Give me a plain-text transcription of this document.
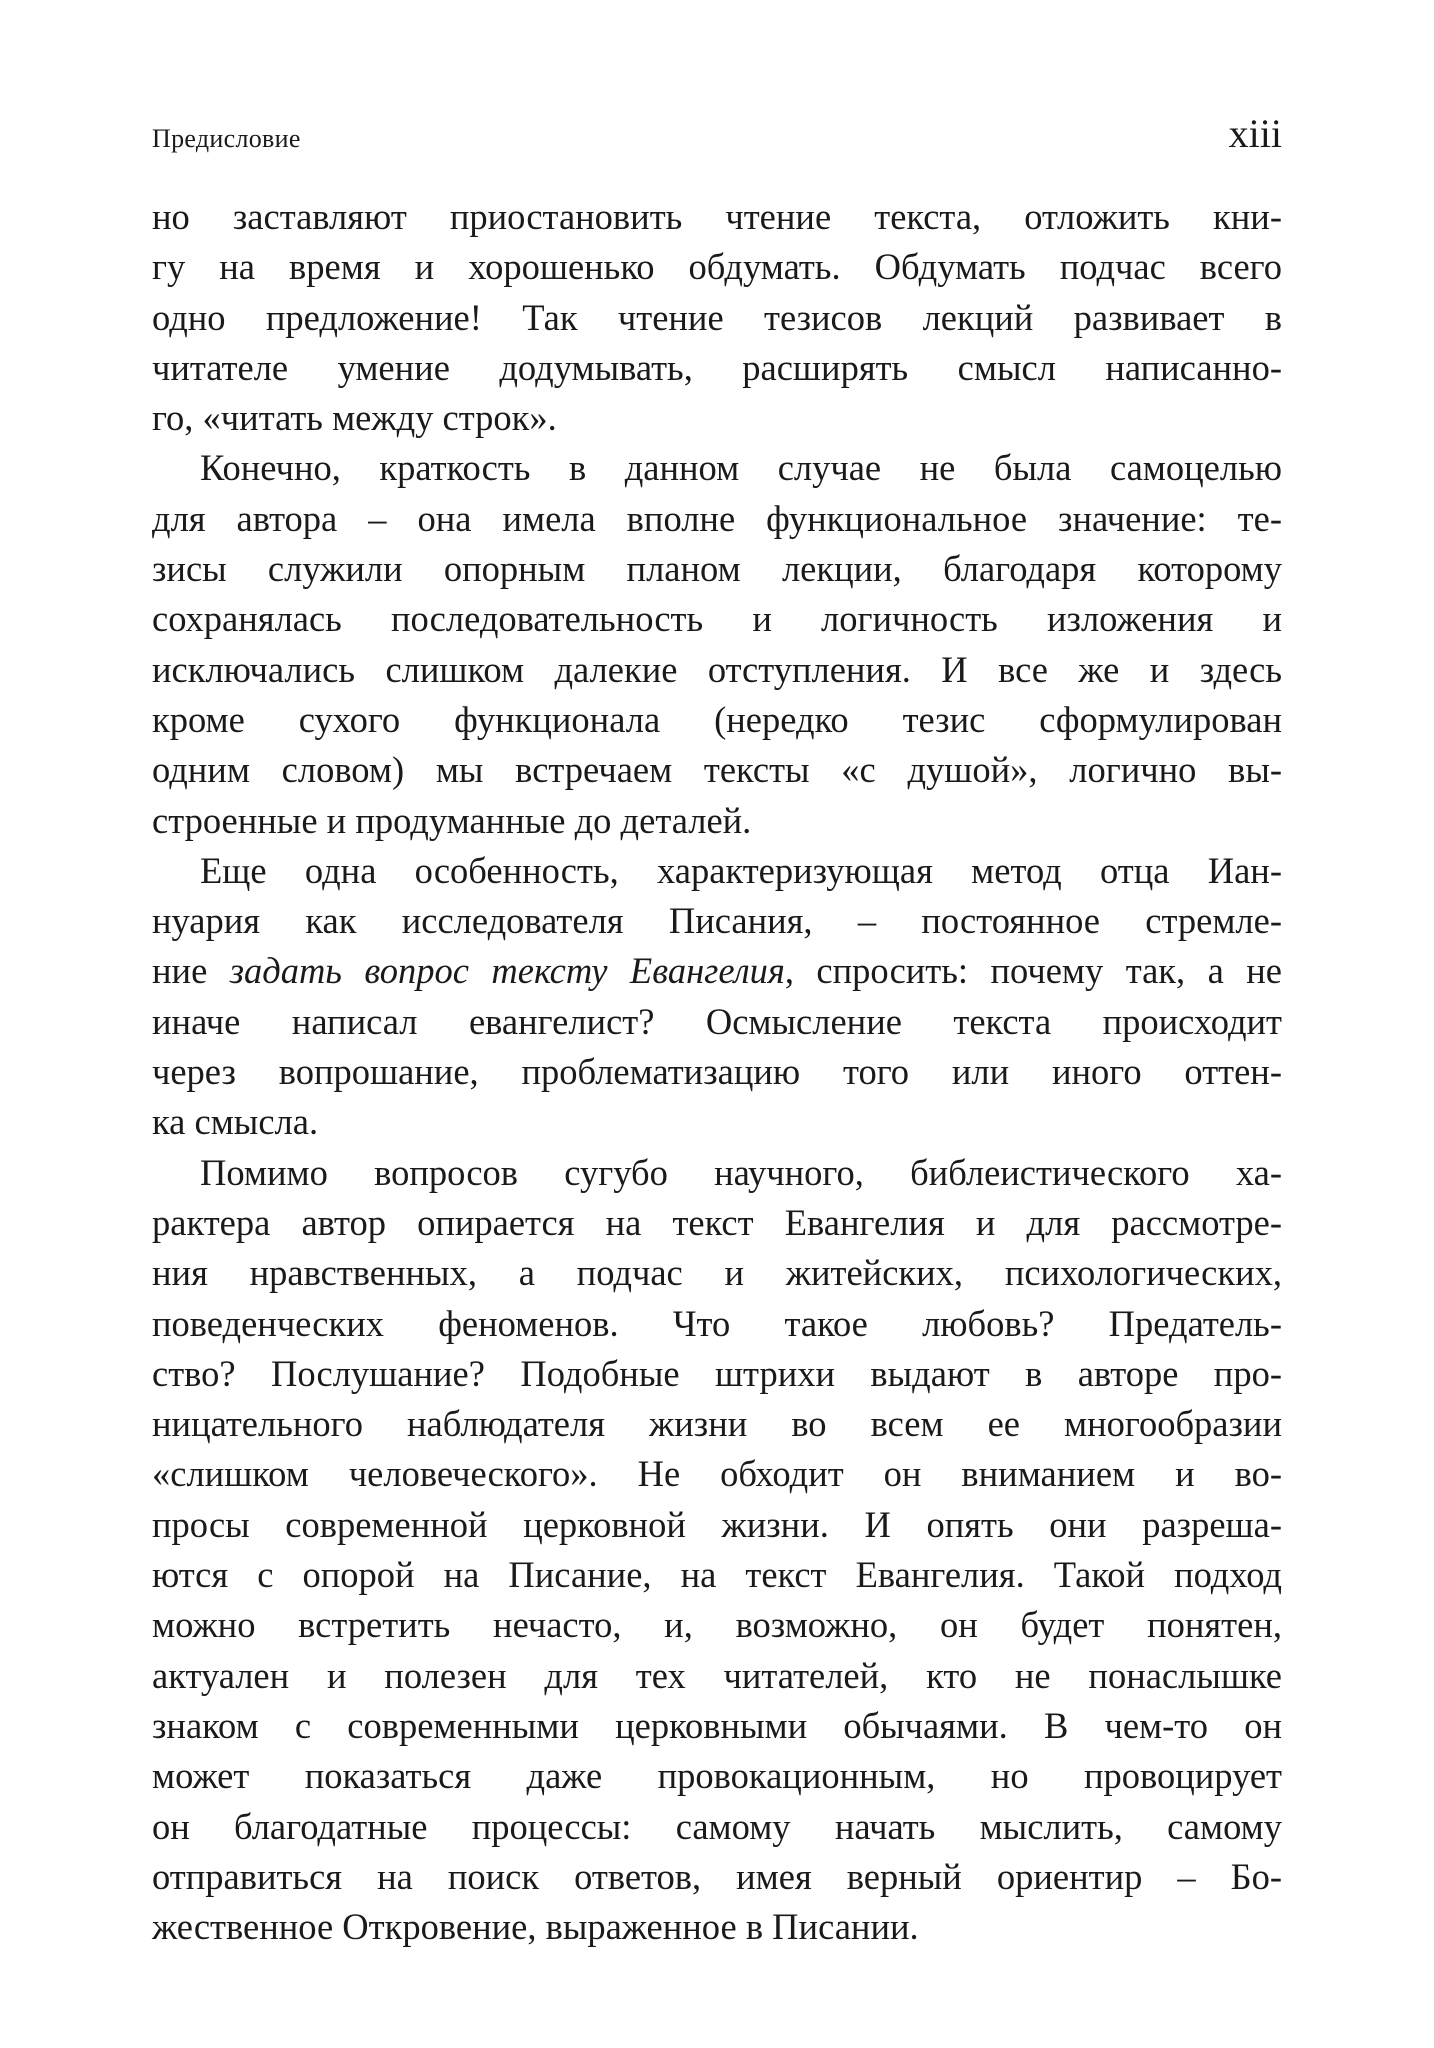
Предисловие	xiii

но заставляют приостановить чтение текста, отложить кни-
гу на время и хорошенько обдумать. Обдумать подчас всего
одно предложение! Так чтение тезисов лекций развивает в
читателе умение додумывать, расширять смысл написанно-
го, «читать между строк».

Конечно, краткость в данном случае не была самоцелью
для автора – она имела вполне функциональное значение: те-
зисы служили опорным планом лекции, благодаря которому
сохранялась последовательность и логичность изложения и
исключались слишком далекие отступления. И все же и здесь
кроме сухого функционала (нередко тезис сформулирован
одним словом) мы встречаем тексты «с душой», логично вы-
строенные и продуманные до деталей.

Еще одна особенность, характеризующая метод отца Иан-
нуария как исследователя Писания, – постоянное стремле-
ние задать вопрос тексту Евангелия, спросить: почему так, а не
иначе написал евангелист? Осмысление текста происходит
через вопрошание, проблематизацию того или иного оттен-
ка смысла.

Помимо вопросов сугубо научного, библеистического ха-
рактера автор опирается на текст Евангелия и для рассмотре-
ния нравственных, а подчас и житейских, психологических,
поведенческих феноменов. Что такое любовь? Предатель-
ство? Послушание? Подобные штрихи выдают в авторе про-
ницательного наблюдателя жизни во всем ее многообразии
«слишком человеческого». Не обходит он вниманием и во-
просы современной церковной жизни. И опять они разреша-
ются с опорой на Писание, на текст Евангелия. Такой подход
можно встретить нечасто, и, возможно, он будет понятен,
актуален и полезен для тех читателей, кто не понаслышке
знаком с современными церковными обычаями. В чем-то он
может показаться даже провокационным, но провоцирует
он благодатные процессы: самому начать мыслить, самому
отправиться на поиск ответов, имея верный ориентир – Бо-
жественное Откровение, выраженное в Писании.
